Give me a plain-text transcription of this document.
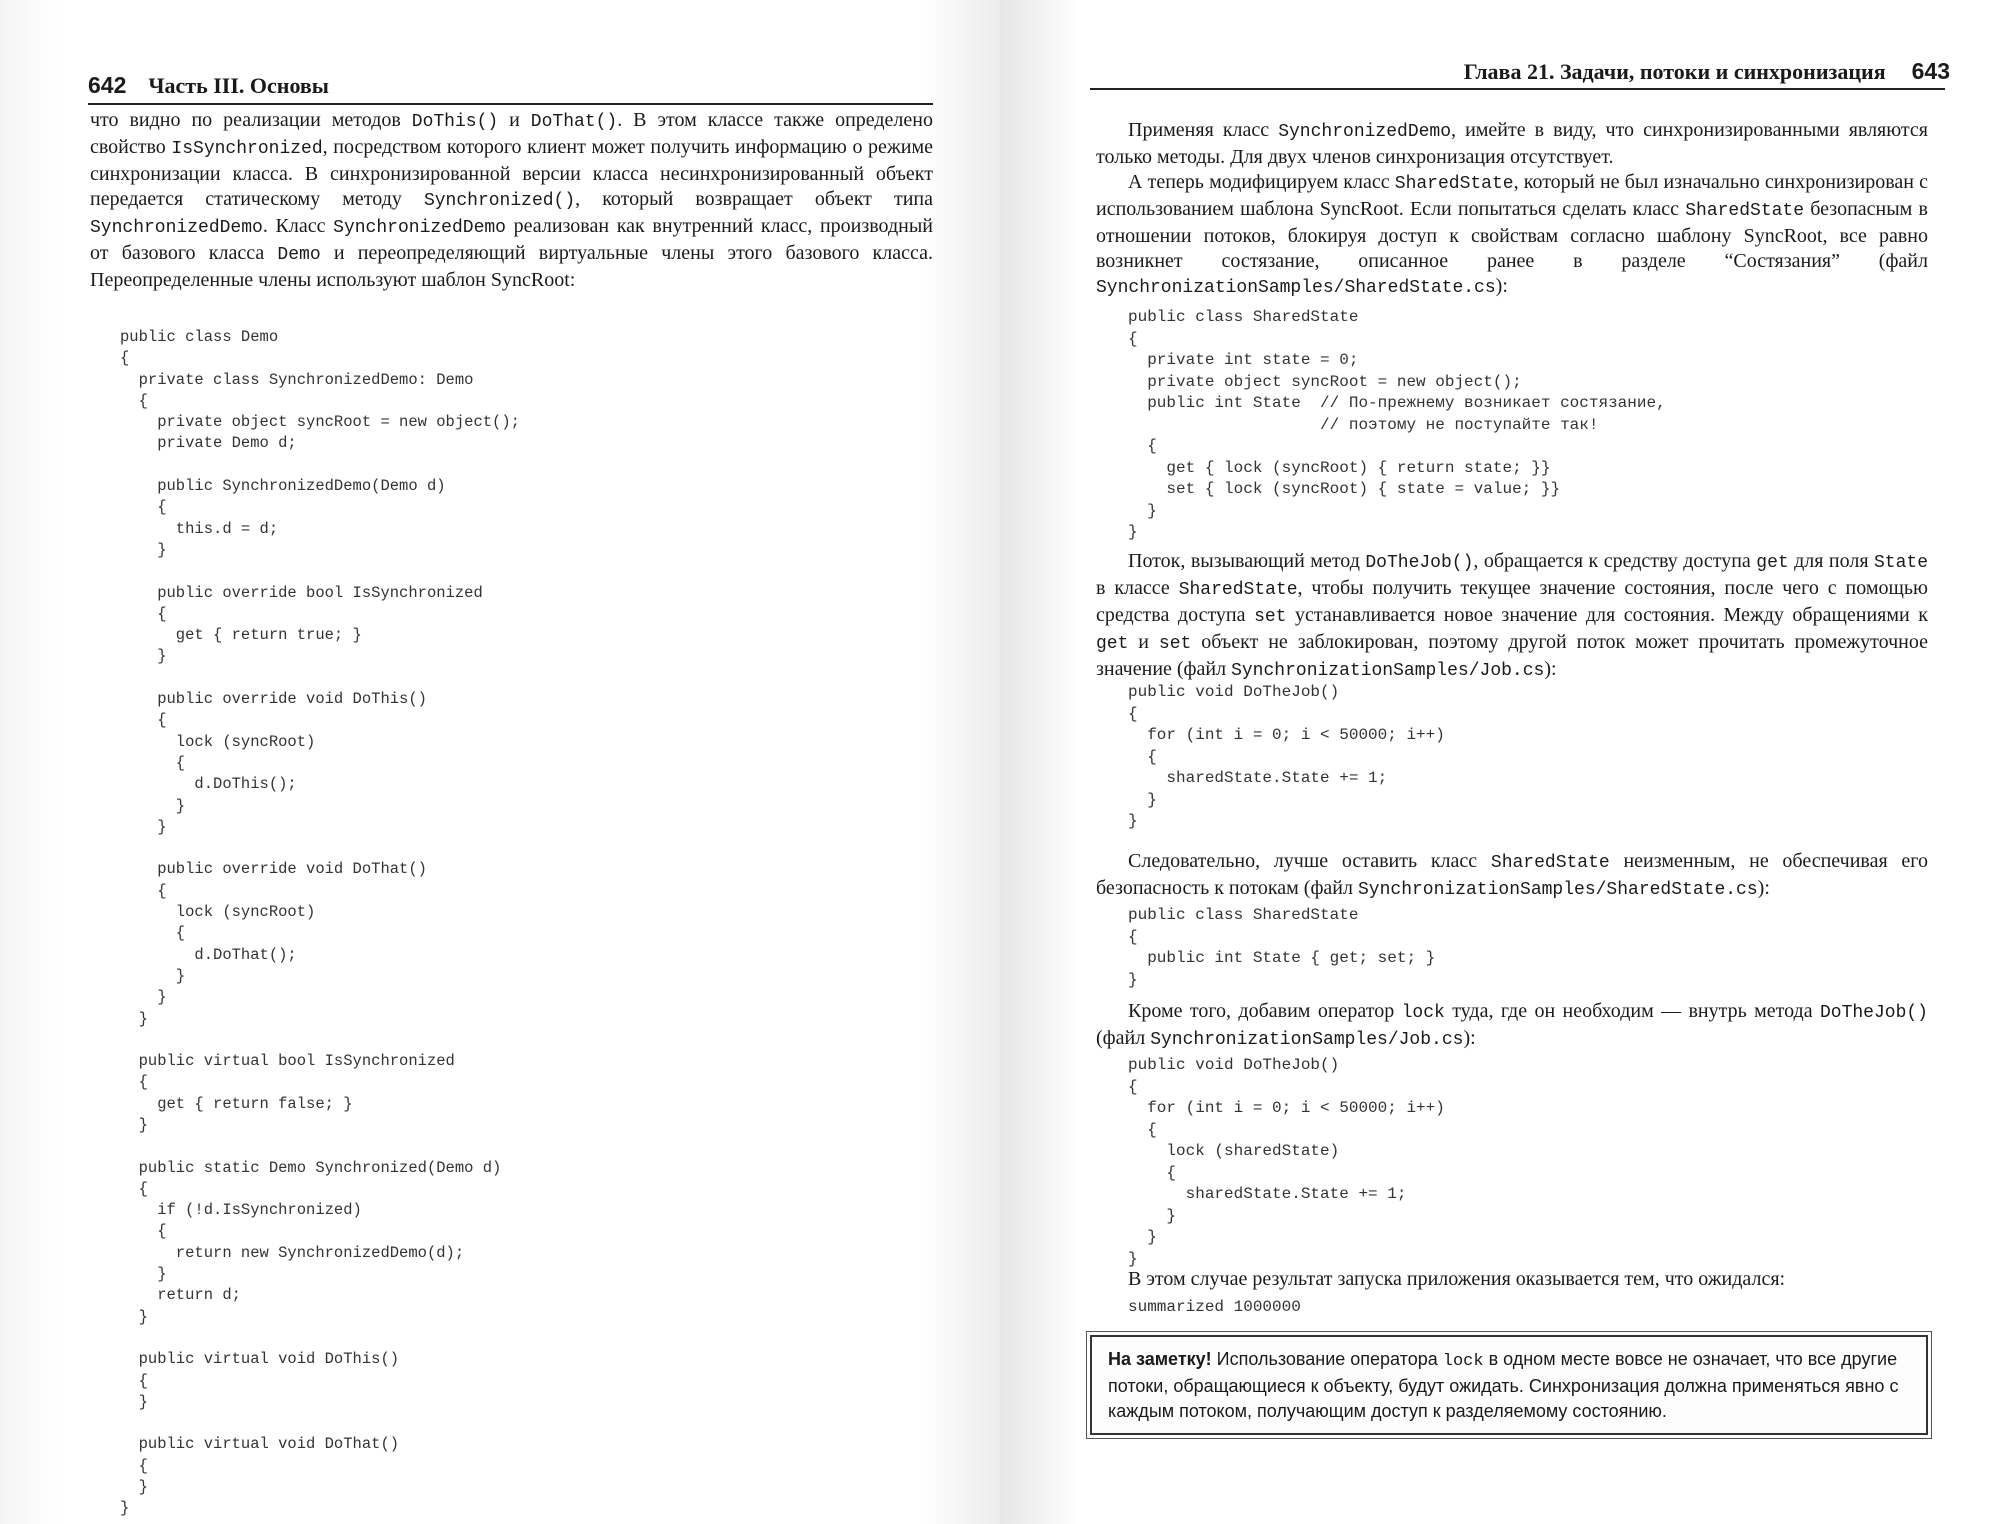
642 Часть III. Основы

что видно по реализации методов DoThis() и DoThat(). В этом классе также определено свойство IsSynchronized, посредством которого клиент может получить информацию о режиме синхронизации класса. В синхронизированной версии класса несинхронизированный объект передается статическому методу Synchronized(), который возвращает объект типа SynchronizedDemo. Класс SynchronizedDemo реализован как внутренний класс, производный от базового класса Demo и переопределяющий виртуальные члены этого базового класса. Переопределенные члены используют шаблон SyncRoot:

public class Demo
{
private class SynchronizedDemo: Demo
{
private object syncRoot = new object();
private Demo d;

public SynchronizedDemo(Demo d)
{
this.d = d;
}

public override bool IsSynchronized
{
get { return true; }
}

public override void DoThis()
{
lock (syncRoot)
{
d.DoThis();
}
}

public override void DoThat()
{
lock (syncRoot)
{
d.DoThat();
}
}
}

public virtual bool IsSynchronized
{
get { return false; }
}

public static Demo Synchronized(Demo d)
{
if (!d.IsSynchronized)
{
return new SynchronizedDemo(d);
}
return d;
}

public virtual void DoThis()
{
}

public virtual void DoThat()
{
}
}
Глава 21. Задачи, потоки и синхронизация 643

Применяя класс SynchronizedDemo, имейте в виду, что синхронизированными являются только методы. Для двух членов синхронизация отсутствует.

А теперь модифицируем класс SharedState, который не был изначально синхронизирован с использованием шаблона SyncRoot. Если попытаться сделать класс SharedState безопасным в отношении потоков, блокируя доступ к свойствам согласно шаблону SyncRoot, все равно возникнет состязание, описанное ранее в разделе “Состязания” (файл SynchronizationSamples/SharedState.cs):

public class SharedState
{
private int state = 0;
private object syncRoot = new object();
public int State  // По-прежнему возникает состязание,
// поэтому не поступайте так!
{
get { lock (syncRoot) { return state; }}
set { lock (syncRoot) { state = value; }}
}
}

Поток, вызывающий метод DoTheJob(), обращается к средству доступа get для поля State в классе SharedState, чтобы получить текущее значение состояния, после чего с помощью средства доступа set устанавливается новое значение для состояния. Между обращениями к get и set объект не заблокирован, поэтому другой поток может прочитать промежуточное значение (файл SynchronizationSamples/Job.cs):

public void DoTheJob()
{
for (int i = 0; i < 50000; i++)
{
sharedState.State += 1;
}
}

Следовательно, лучше оставить класс SharedState неизменным, не обеспечивая его безопасность к потокам (файл SynchronizationSamples/SharedState.cs):

public class SharedState
{
public int State { get; set; }
}

Кроме того, добавим оператор lock туда, где он необходим — внутрь метода DoTheJob() (файл SynchronizationSamples/Job.cs):

public void DoTheJob()
{
for (int i = 0; i < 50000; i++)
{
lock (sharedState)
{
sharedState.State += 1;
}
}
}

В этом случае результат запуска приложения оказывается тем, что ожидался:

summarized 1000000
На заметку! Использование оператора lock в одном месте вовсе не означает, что все другие потоки, обращающиеся к объекту, будут ожидать. Синхронизация должна применяться явно с каждым потоком, получающим доступ к разделяемому состоянию.
